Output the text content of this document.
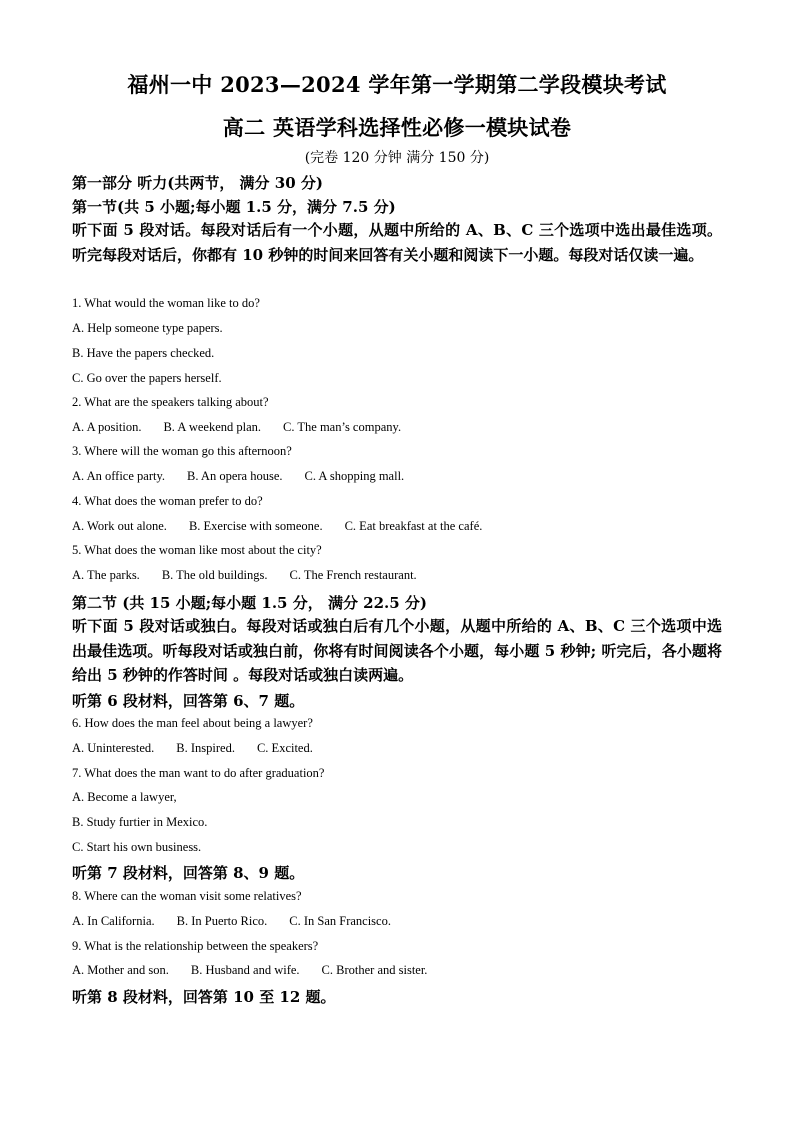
福州一中 2023—2024 学年第一学期第二学段模块考试
高二 英语学科选择性必修一模块试卷
(完卷 120 分钟 满分 150 分)
第一部分 听力(共两节， 满分 30 分)
第一节(共 5 小题;每小题 1.5 分，满分 7.5 分)
听下面 5 段对话。每段对话后有一个小题，从题中所给的 A、B、C 三个选项中选出最佳选项。听完每段对话后，你都有 10 秒钟的时间来回答有关小题和阅读下一小题。每段对话仅读一遍。
1. What would the woman like to do?
A. Help someone type papers.
B. Have the papers checked.
C. Go over the papers herself.
2. What are the speakers talking about?
A. A position. B. A weekend plan. C. The man’s company.
3. Where will the woman go this afternoon?
A. An office party. B. An opera house. C. A shopping mall.
4. What does the woman prefer to do?
A. Work out alone. B. Exercise with someone. C. Eat breakfast at the café.
5. What does the woman like most about the city?
A. The parks. B. The old buildings. C. The French restaurant.
第二节 (共 15 小题;每小题 1.5 分， 满分 22.5 分)
听下面 5 段对话或独白。每段对话或独白后有几个小题，从题中所给的 A、B、C 三个选项中选出最佳选项。听每段对话或独白前，你将有时间阅读各个小题，每小题 5 秒钟; 听完后，各小题将给出 5 秒钟的作答时间 。每段对话或独白读两遍。
听第 6 段材料，回答第 6、7 题。
6. How does the man feel about being a lawyer?
A. Uninterested. B. Inspired. C. Excited.
7. What does the man want to do after graduation?
A. Become a lawyer,
B. Study furtier in Mexico.
C. Start his own business.
听第 7 段材料，回答第 8、9 题。
8. Where can the woman visit some relatives?
A. In California. B. In Puerto Rico. C. In San Francisco.
9. What is the relationship between the speakers?
A. Mother and son. B. Husband and wife. C. Brother and sister.
听第 8 段材料，回答第 10 至 12 题。
